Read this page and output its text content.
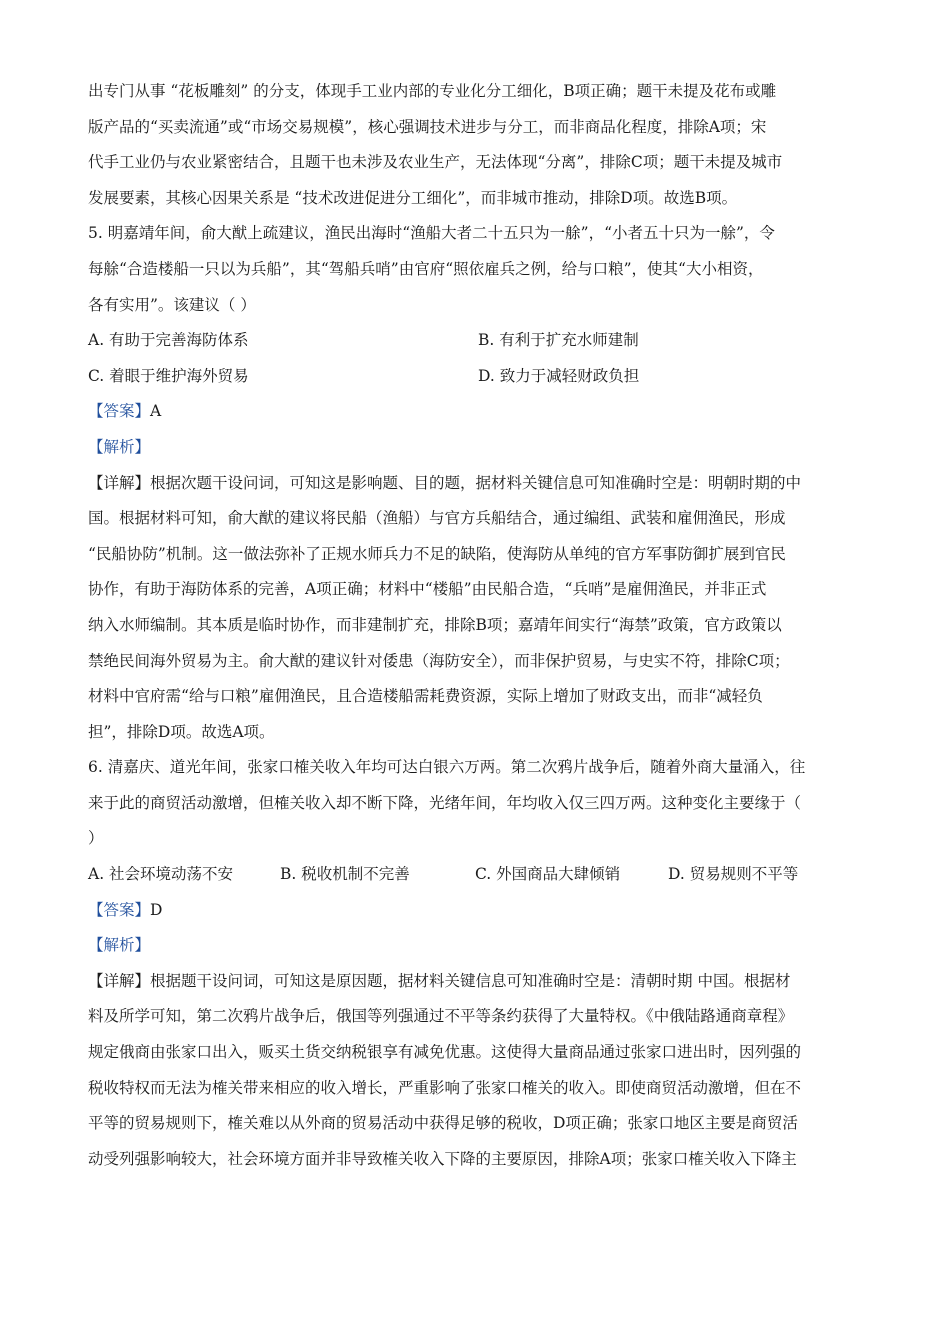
出专门从事 “花板雕刻” 的分支，体现手工业内部的专业化分工细化，B项正确；题干未提及花布或雕
版产品的“买卖流通”或“市场交易规模”，核心强调技术进步与分工，而非商品化程度，排除A项；宋
代手工业仍与农业紧密结合，且题干也未涉及农业生产，无法体现“分离”，排除C项；题干未提及城市
发展要素，其核心因果关系是 “技术改进促进分工细化”，而非城市推动，排除D项。故选B项。
5. 明嘉靖年间，俞大猷上疏建议，渔民出海时“渔船大者二十五只为一艅”，“小者五十只为一艅”，令
每艅“合造楼船一只以为兵船”，其“驾船兵哨”由官府“照依雇兵之例，给与口粮”，使其“大小相资，
各有实用”。该建议（ ）
A. 有助于完善海防体系	B. 有利于扩充水师建制
C. 着眼于维护海外贸易	D. 致力于减轻财政负担
【答案】A
【解析】
【详解】根据次题干设问词，可知这是影响题、目的题，据材料关键信息可知准确时空是：明朝时期的中
国。根据材料可知，俞大猷的建议将民船（渔船）与官方兵船结合，通过编组、武装和雇佣渔民，形成
“民船协防”机制。这一做法弥补了正规水师兵力不足的缺陷，使海防从单纯的官方军事防御扩展到官民
协作，有助于海防体系的完善，A项正确；材料中“楼船”由民船合造，“兵哨”是雇佣渔民，并非正式
纳入水师编制。其本质是临时协作，而非建制扩充，排除B项；嘉靖年间实行“海禁”政策，官方政策以
禁绝民间海外贸易为主。俞大猷的建议针对倭患（海防安全），而非保护贸易，与史实不符，排除C项；
材料中官府需“给与口粮”雇佣渔民，且合造楼船需耗费资源，实际上增加了财政支出，而非“减轻负
担”，排除D项。故选A项。
6. 清嘉庆、道光年间，张家口榷关收入年均可达白银六万两。第二次鸦片战争后，随着外商大量涌入，往
来于此的商贸活动激增，但榷关收入却不断下降，光绪年间，年均收入仅三四万两。这种变化主要缘于（
）
A. 社会环境动荡不安	B. 税收机制不完善	C. 外国商品大肆倾销	D. 贸易规则不平等
【答案】D
【解析】
【详解】根据题干设问词，可知这是原因题，据材料关键信息可知准确时空是：清朝时期 中国。根据材
料及所学可知，第二次鸦片战争后，俄国等列强通过不平等条约获得了大量特权。《中俄陆路通商章程》
规定俄商由张家口出入，贩买土货交纳税银享有减免优惠。这使得大量商品通过张家口进出时，因列强的
税收特权而无法为榷关带来相应的收入增长，严重影响了张家口榷关的收入。即使商贸活动激增，但在不
平等的贸易规则下，榷关难以从外商的贸易活动中获得足够的税收，D项正确；张家口地区主要是商贸活
动受列强影响较大，社会环境方面并非导致榷关收入下降的主要原因，排除A项；张家口榷关收入下降主
